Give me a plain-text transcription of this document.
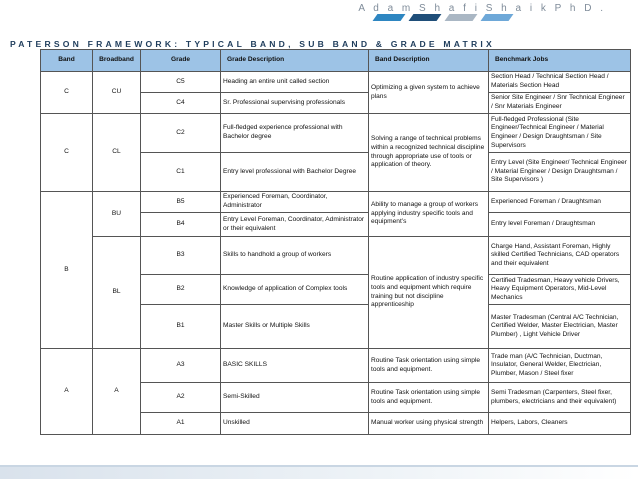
A d a m S h a f i S h a i k P h D .
PATERSON FRAMEWORK: TYPICAL BAND, SUB BAND & GRADE MATRIX
Band	Broadband	Grade	Grade Description	Band Description	Benchmark Jobs
C	CU	C5	Heading an entire unit called section	Optimizing a given system to achieve plans	Section Head / Technical Section Head / Materials Section Head
		C4	Sr. Professional supervising professionals		Senior Site Engineer / Snr Technical Engineer / Snr Materials Engineer
C	CL	C2	Full-fledged experience professional with Bachelor degree	Solving a range of technical problems within a recognized technical discipline through appropriate use of tools or application of theory.	Full-fledged Professional (Site Engineer/Technical Engineer / Material Engineer / Design Draughtsman / Site Supervisors
		C1	Entry level professional with Bachelor Degree		Entry Level (Site Engineer/ Technical Engineer / Material Engineer / Design Draughtsman / Site Supervisors )
B	BU	B5	Experienced Foreman, Coordinator, Administrator	Ability to manage a group of workers applying industry specific tools and equipment’s	Experienced Foreman / Draughtsman
		B4	Entry Level Foreman, Coordinator, Administrator or their equivalent		Entry level Foreman / Draughtsman
	BL	B3	Skills to handhold a group of workers	Routine application of industry specific tools and equipment which require training but not discipline apprenticeship	Charge Hand, Assistant Foreman, Highly skilled Certified Technicians, CAD operators and their equivalent
		B2	Knowledge of application of Complex tools		Certified Tradesman, Heavy vehicle Drivers, Heavy Equipment Operators, Mid-Level Mechanics
		B1	Master Skills or Multiple Skills		Master Tradesman (Central A/C Technician, Certified Welder, Master Electrician, Master Plumber) , Light Vehicle Driver
A	A	A3	BASIC SKILLS	Routine Task orientation using simple tools and equipment.	Trade man (A/C Technician, Ductman, Insulator, General Welder, Electrician, Plumber, Mason / Steel fixer
		A2	Semi-Skilled	Routine Task orientation using simple tools and equipment.	Semi Tradesman (Carpenters, Steel fixer, plumbers, electricians and their equivalent)
		A1	Unskilled	Manual worker using physical strength	Helpers, Labors, Cleaners
